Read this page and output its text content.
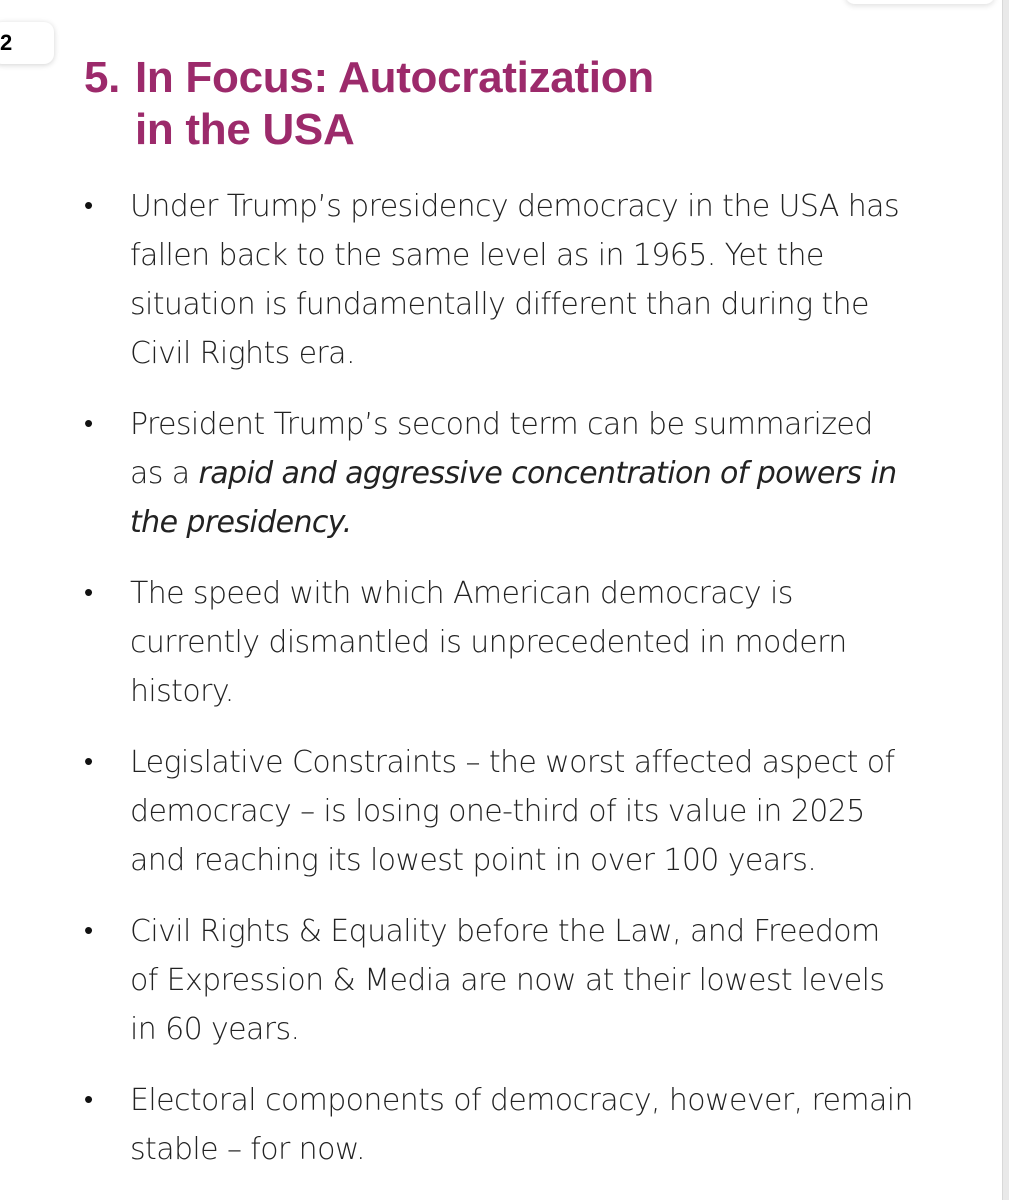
2
5. In Focus: Autocratization
in the USA
•	Under Trump’s presidency democracy in the USA has fallen back to the same level as in 1965. Yet the situation is fundamentally different than during the Civil Rights era.
•	President Trump’s second term can be summarized as a rapid and aggressive concentration of powers in the presidency.
•	The speed with which American democracy is currently dismantled is unprecedented in modern history.
•	Legislative Constraints – the worst affected aspect of democracy – is losing one-third of its value in 2025 and reaching its lowest point in over 100 years.
•	Civil Rights & Equality before the Law, and Freedom of Expression & Media are now at their lowest levels in 60 years.
•	Electoral components of democracy, however, remain stable – for now.
